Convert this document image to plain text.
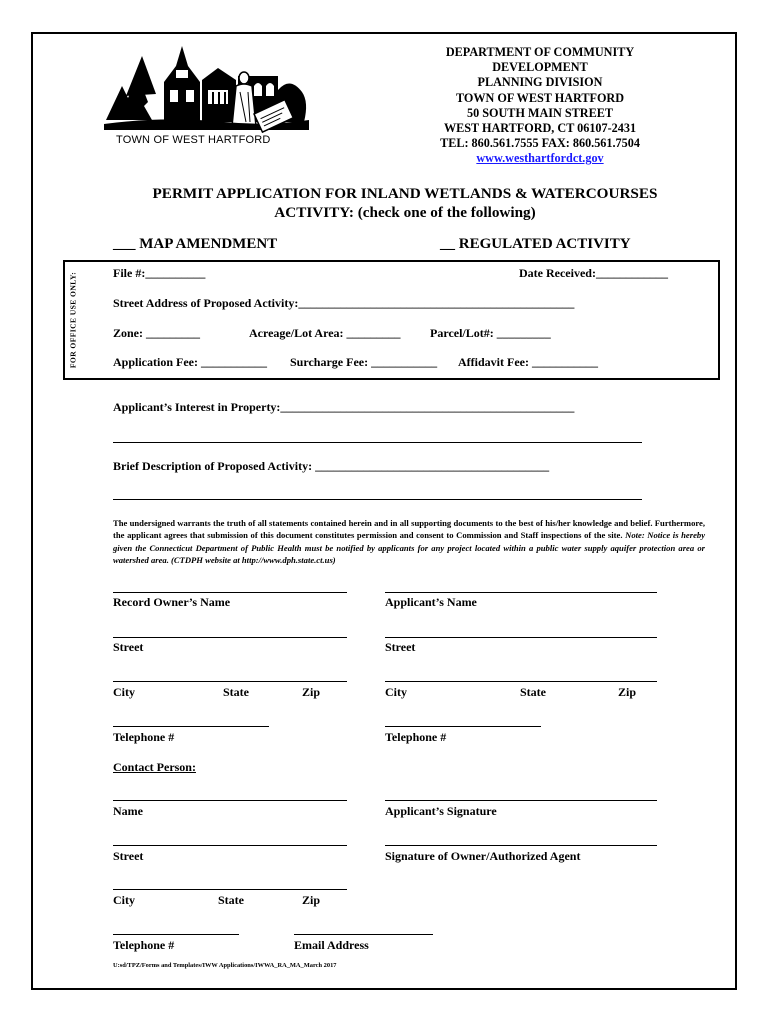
TOWN OF WEST HARTFORD
DEPARTMENT OF COMMUNITY
DEVELOPMENT
PLANNING DIVISION
TOWN OF WEST HARTFORD
50 SOUTH MAIN STREET
WEST HARTFORD, CT 06107-2431
TEL: 860.561.7555 FAX: 860.561.7504
www.westhartfordct.gov
PERMIT APPLICATION FOR INLAND WETLANDS & WATERCOURSES
ACTIVITY: (check one of the following)
___ MAP AMENDMENT	__ REGULATED ACTIVITY
FOR OFFICE USE ONLY:	File #:__________	Date Received:____________
Street Address of Proposed Activity:______________________________________________
Zone: _________	Acreage/Lot Area: _________ Parcel/Lot#: _________
Application Fee: ___________ Surcharge Fee: ___________ Affidavit Fee: ___________
Applicant’s Interest in Property:_________________________________________________
Brief Description of Proposed Activity: _______________________________________
The undersigned warrants the truth of all statements contained herein and in all supporting documents to the best of his/her knowledge and belief. Furthermore, the applicant agrees that submission of this document constitutes permission and consent to Commission and Staff inspections of the site. Note: Notice is hereby given the Connecticut Department of Public Health must be notified by applicants for any project located within a public water supply aquifer protection area or watershed area. (CTDPH website at http://www.dph.state.ct.us)
Record Owner’s Name	Applicant’s Name
Street	Street
City	State	Zip	City	State	Zip
Telephone #	Telephone #
Contact Person:
Name	Applicant’s Signature
Street	Signature of Owner/Authorized Agent
City	State	Zip
Telephone #	Email Address
U:sd/TPZ/Forms and Templates/IWW Applications/IWWA_RA_MA_March 2017
